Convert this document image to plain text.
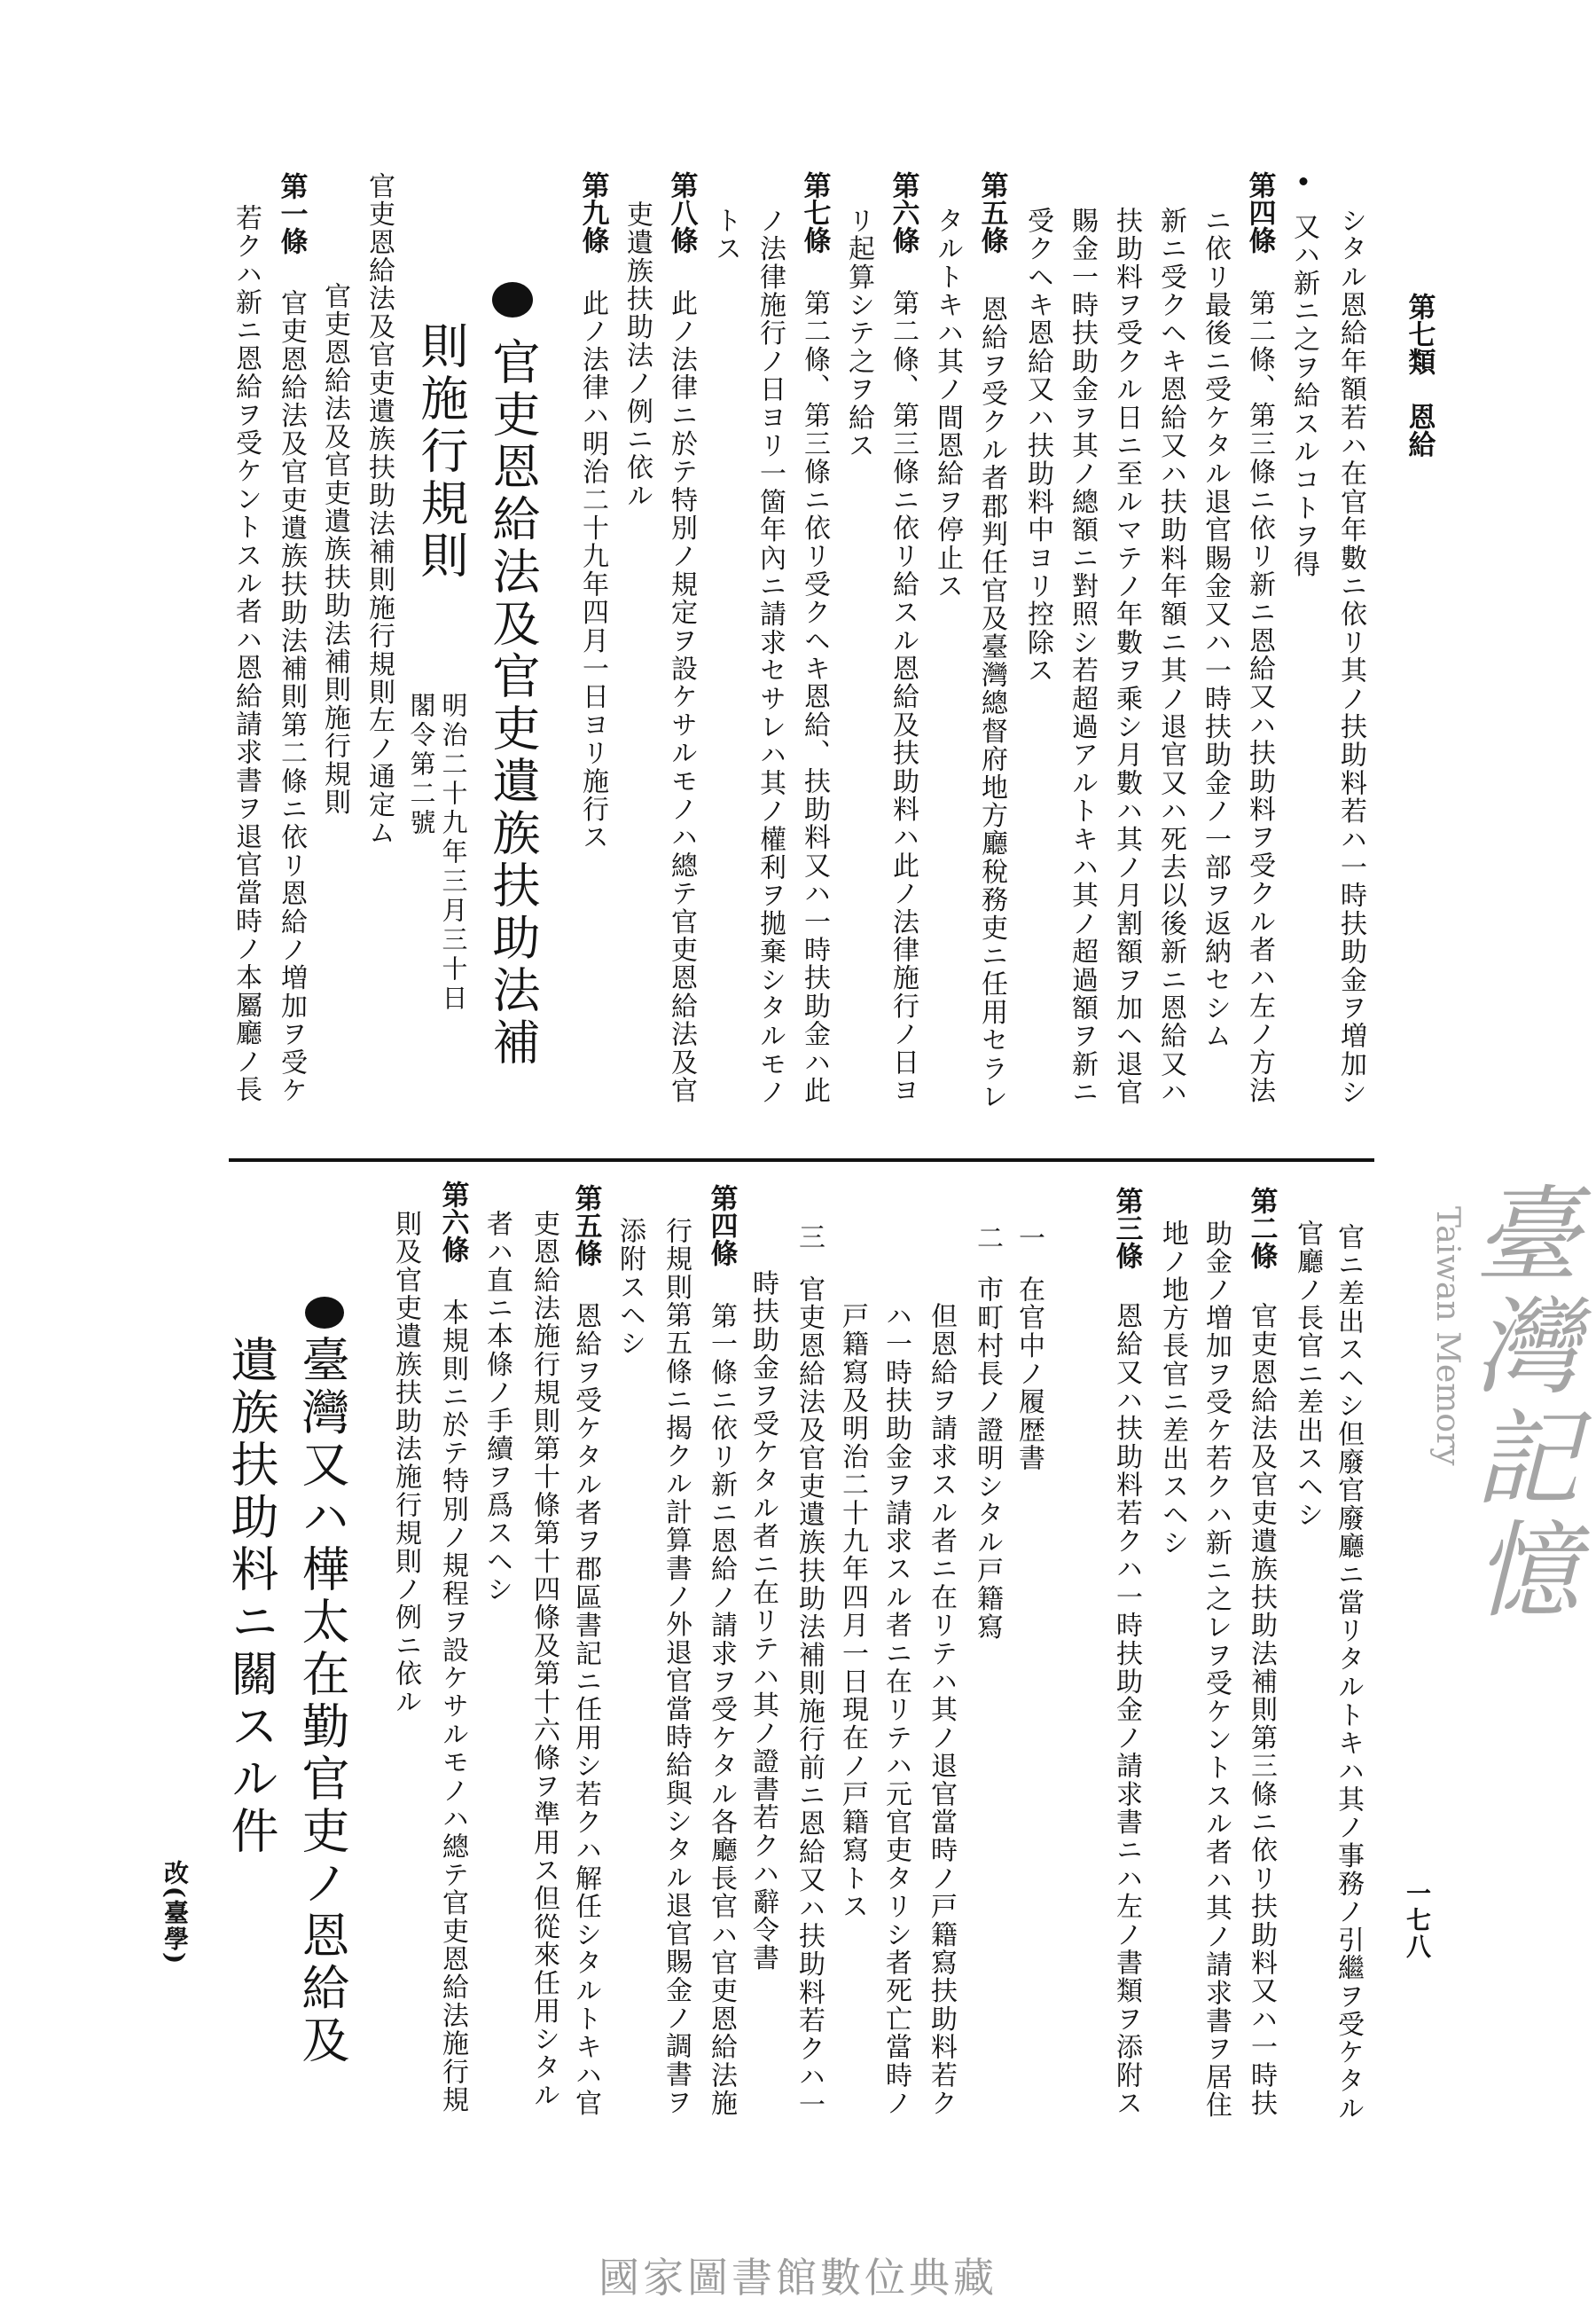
第七類　恩給
シタル恩給年額若ハ在官年數ニ依リ其ノ扶助料若ハ一時扶助金ヲ増加シ
又ハ新ニ之ヲ給スルコトヲ得
第四條
第二條、第三條ニ依リ新ニ恩給又ハ扶助料ヲ受クル者ハ左ノ方法
ニ依リ最後ニ受ケタル退官賜金又ハ一時扶助金ノ一部ヲ返納セシム
新ニ受クヘキ恩給又ハ扶助料年額ニ其ノ退官又ハ死去以後新ニ恩給又ハ
扶助料ヲ受クル日ニ至ルマテノ年數ヲ乘シ月數ハ其ノ月割額ヲ加ヘ退官
賜金一時扶助金ヲ其ノ總額ニ對照シ若超過アルトキハ其ノ超過額ヲ新ニ
受クヘキ恩給又ハ扶助料中ヨリ控除ス
第五條
恩給ヲ受クル者郡判任官及臺灣總督府地方廳稅務吏ニ任用セラレ
タルトキハ其ノ間恩給ヲ停止ス
第六條
第二條、第三條ニ依リ給スル恩給及扶助料ハ此ノ法律施行ノ日ヨ
リ起算シテ之ヲ給ス
第七條
第二條、第三條ニ依リ受クヘキ恩給、扶助料又ハ一時扶助金ハ此
ノ法律施行ノ日ヨリ一箇年內ニ請求セサレハ其ノ權利ヲ拋棄シタルモノ
トス
第八條
此ノ法律ニ於テ特別ノ規定ヲ設ケサルモノハ總テ官吏恩給法及官
吏遺族扶助法ノ例ニ依ル
第九條
此ノ法律ハ明治二十九年四月一日ヨリ施行ス
官吏恩給法及官吏遺族扶助法補
則施行規則
明治二十九年三月三十日
閣令第二號
官吏恩給法及官吏遺族扶助法補則施行規則左ノ通定ム
官吏恩給法及官吏遺族扶助法補則施行規則
第一條
官吏恩給法及官吏遺族扶助法補則第二條ニ依リ恩給ノ増加ヲ受ケ
若クハ新ニ恩給ヲ受ケントスル者ハ恩給請求書ヲ退官當時ノ本屬廳ノ長
官ニ差出スヘシ但廢官廢廳ニ當リタルトキハ其ノ事務ノ引繼ヲ受ケタル
官廳ノ長官ニ差出スヘシ
第二條
官吏恩給法及官吏遺族扶助法補則第三條ニ依リ扶助料又ハ一時扶
助金ノ増加ヲ受ケ若クハ新ニ之レヲ受ケントスル者ハ其ノ請求書ヲ居住
地ノ地方長官ニ差出スヘシ
第三條
恩給又ハ扶助料若クハ一時扶助金ノ請求書ニハ左ノ書類ヲ添附ス
一
在官中ノ履歴書
二
市町村長ノ證明シタル戸籍寫
但恩給ヲ請求スル者ニ在リテハ其ノ退官當時ノ戸籍寫扶助料若ク
ハ一時扶助金ヲ請求スル者ニ在リテハ元官吏タリシ者死亡當時ノ
戸籍寫及明治二十九年四月一日現在ノ戸籍寫トス
三
官吏恩給法及官吏遺族扶助法補則施行前ニ恩給又ハ扶助料若クハ一
時扶助金ヲ受ケタル者ニ在リテハ其ノ證書若クハ辭令書
第四條
第一條ニ依リ新ニ恩給ノ請求ヲ受ケタル各廳長官ハ官吏恩給法施
行規則第五條ニ揭クル計算書ノ外退官當時給與シタル退官賜金ノ調書ヲ
添附スヘシ
第五條
恩給ヲ受ケタル者ヲ郡區書記ニ任用シ若クハ解任シタルトキハ官
吏恩給法施行規則第十條第十四條及第十六條ヲ準用ス但從來任用シタル
者ハ直ニ本條ノ手續ヲ爲スヘシ
第六條
本規則ニ於テ特別ノ規程ヲ設ケサルモノハ總テ官吏恩給法施行規
則及官吏遺族扶助法施行規則ノ例ニ依ル
臺灣又ハ樺太在勤官吏ノ恩給及
遺族扶助料ニ關スル件
一七八
改(臺學)
臺灣記憶
Taiwan Memory
國家圖書館數位典藏
